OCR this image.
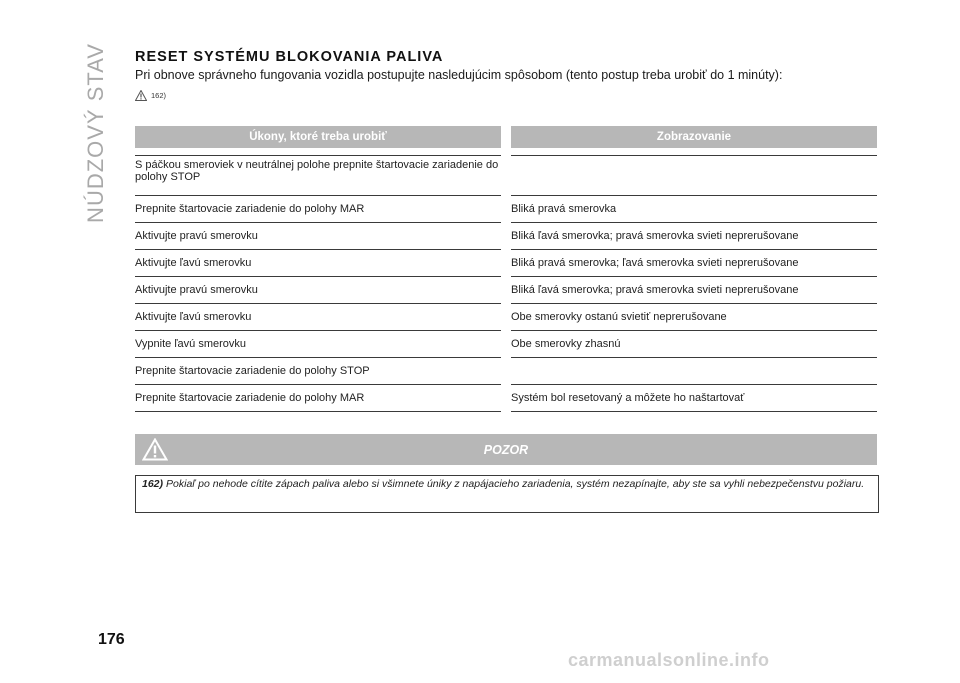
NÚDZOVÝ STAV RESET SYSTÉMU BLOKOVANIA PALIVA
Pri obnove správneho fungovania vozidla postupujte nasledujúcim spôsobom (tento postup treba urobiť do 1 minúty):
162)
Úkony, ktoré treba urobiť		Zobrazovanie

S páčkou smeroviek v neutrálnej polohe prepnite štartovacie zariadenie do polohy STOP		
Prepnite štartovacie zariadenie do polohy MAR		Bliká pravá smerovka
Aktivujte pravú smerovku		Bliká ľavá smerovka; pravá smerovka svieti neprerušovane
Aktivujte ľavú smerovku		Bliká pravá smerovka; ľavá smerovka svieti neprerušovane
Aktivujte pravú smerovku		Bliká ľavá smerovka; pravá smerovka svieti neprerušovane
Aktivujte ľavú smerovku		Obe smerovky ostanú svietiť neprerušovane
Vypnite ľavú smerovku		Obe smerovky zhasnú
Prepnite štartovacie zariadenie do polohy STOP		
Prepnite štartovacie zariadenie do polohy MAR		Systém bol resetovaný a môžete ho naštartovať
POZOR
162) Pokiaľ po nehode cítite zápach paliva alebo si všimnete úniky z napájacieho zariadenia, systém nezapínajte, aby ste sa vyhli nebezpečenstvu požiaru.

176

carmanualsonline.info
